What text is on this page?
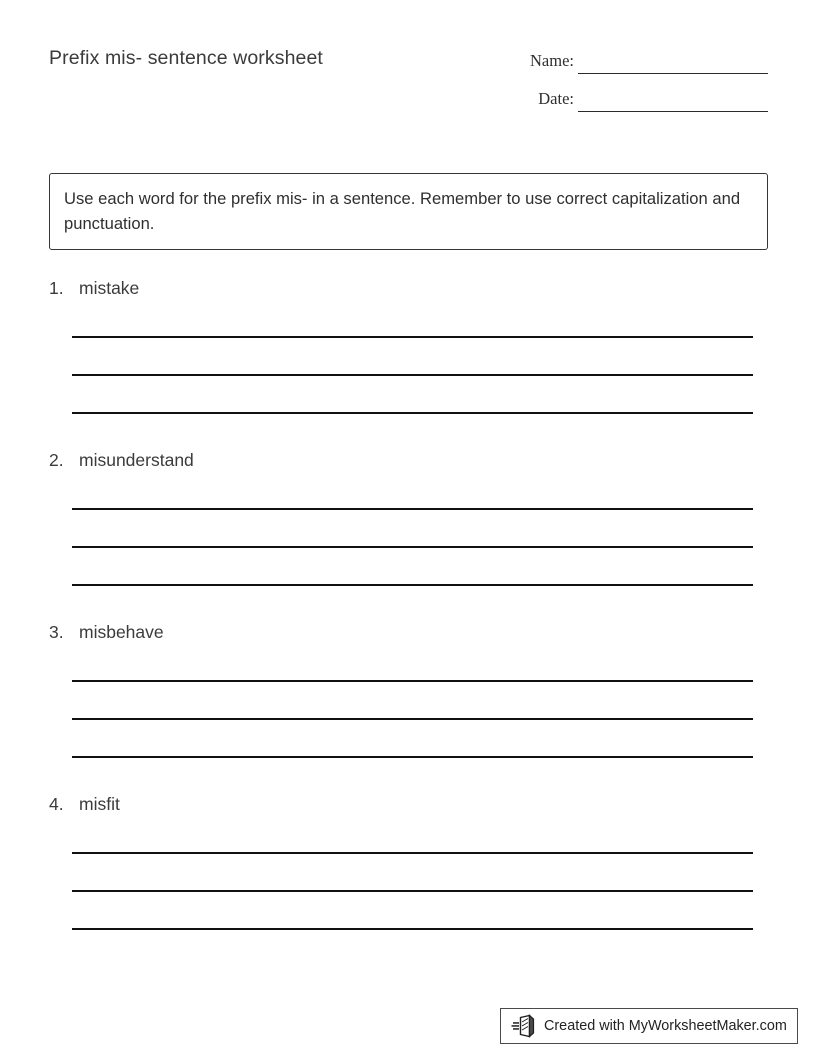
Prefix mis- sentence worksheet	Name:
Date:
Use each word for the prefix mis- in a sentence. Remember to use correct capitalization and punctuation.
1. mistake
2. misunderstand
3. misbehave
4. misfit
Created with MyWorksheetMaker.com
